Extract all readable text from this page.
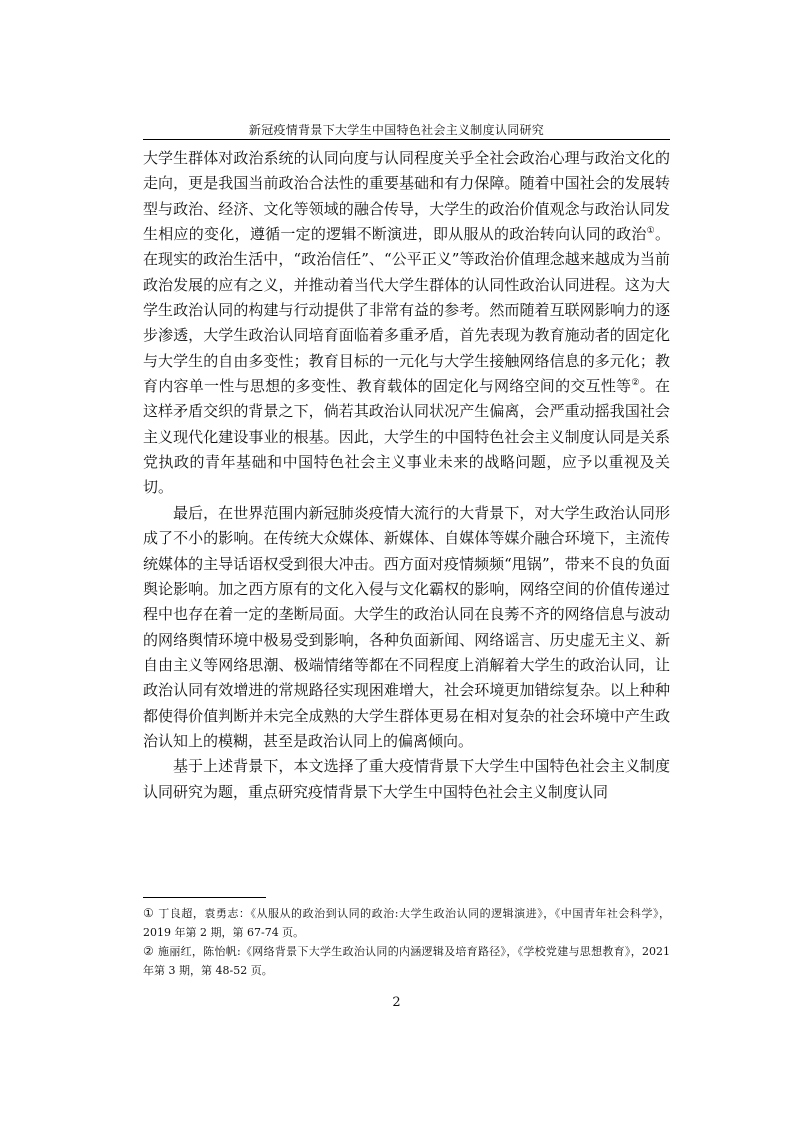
新冠疫情背景下大学生中国特色社会主义制度认同研究

大学生群体对政治系统的认同向度与认同程度关乎全社会政治心理与政治文化的走向，更是我国当前政治合法性的重要基础和有力保障。随着中国社会的发展转型与政治、经济、文化等领域的融合传导，大学生的政治价值观念与政治认同发生相应的变化，遵循一定的逻辑不断演进，即从服从的政治转向认同的政治①。在现实的政治生活中，“政治信任”、“公平正义”等政治价值理念越来越成为当前政治发展的应有之义，并推动着当代大学生群体的认同性政治认同进程。这为大学生政治认同的构建与行动提供了非常有益的参考。然而随着互联网影响力的逐步渗透，大学生政治认同培育面临着多重矛盾，首先表现为教育施动者的固定化与大学生的自由多变性；教育目标的一元化与大学生接触网络信息的多元化；教育内容单一性与思想的多变性、教育载体的固定化与网络空间的交互性等②。在这样矛盾交织的背景之下，倘若其政治认同状况产生偏离，会严重动摇我国社会主义现代化建设事业的根基。因此，大学生的中国特色社会主义制度认同是关系党执政的青年基础和中国特色社会主义事业未来的战略问题，应予以重视及关切。

最后，在世界范围内新冠肺炎疫情大流行的大背景下，对大学生政治认同形成了不小的影响。在传统大众媒体、新媒体、自媒体等媒介融合环境下，主流传统媒体的主导话语权受到很大冲击。西方面对疫情频频“甩锅”，带来不良的负面舆论影响。加之西方原有的文化入侵与文化霸权的影响，网络空间的价值传递过程中也存在着一定的垄断局面。大学生的政治认同在良莠不齐的网络信息与波动的网络舆情环境中极易受到影响，各种负面新闻、网络谣言、历史虚无主义、新自由主义等网络思潮、极端情绪等都在不同程度上消解着大学生的政治认同，让政治认同有效增进的常规路径实现困难增大，社会环境更加错综复杂。以上种种都使得价值判断并未完全成熟的大学生群体更易在相对复杂的社会环境中产生政治认知上的模糊，甚至是政治认同上的偏离倾向。

基于上述背景下，本文选择了重大疫情背景下大学生中国特色社会主义制度认同研究为题，重点研究疫情背景下大学生中国特色社会主义制度认同

① 丁良超，袁勇志：《从服从的政治到认同的政治:大学生政治认同的逻辑演进》，《中国青年社会科学》，2019 年第 2 期，第 67-74 页。

② 施丽红，陈怡帆:《网络背景下大学生政治认同的内涵逻辑及培育路径》，《学校党建与思想教育》，2021 年第 3 期，第 48-52 页。

2
